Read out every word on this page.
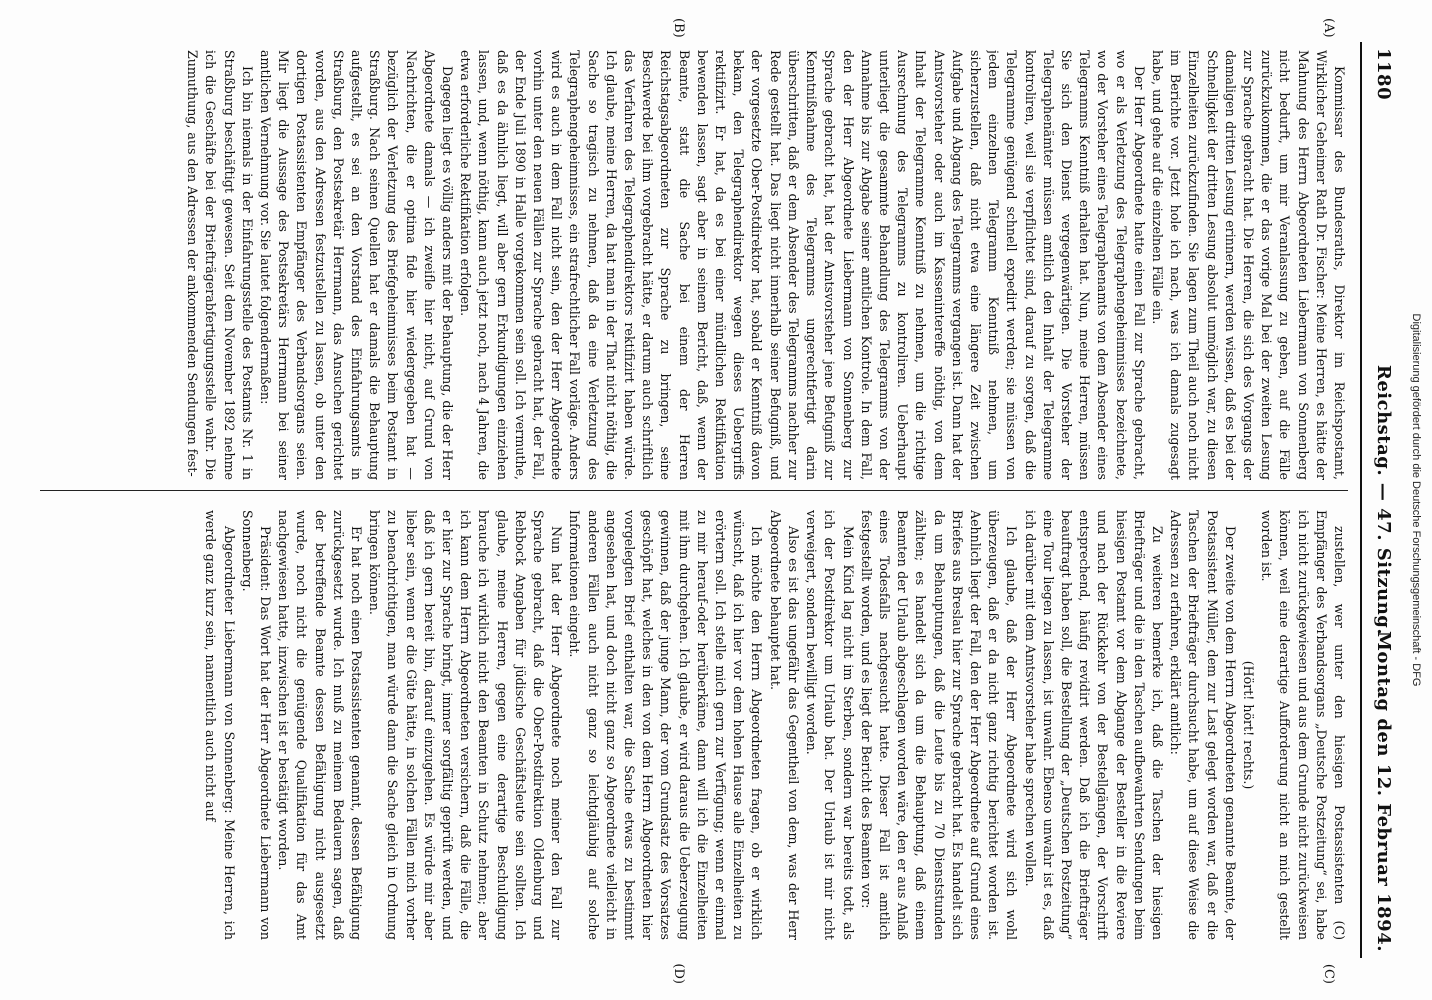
1180
Reichstag. — 47. Sitzung.
Montag den 12. Februar 1894.
(A)
(B)

Kommissar des Bundesraths, Direktor im Reichspostamt, Wirklicher Geheimer Rath Dr. Fischer: Meine Herren, es hätte der Mahnung des Herrn Abgeordneten Liebermann von Sonnenberg nicht bedurft, um mir Veranlassung zu geben, auf die Fälle zurückzukommen, die er das vorige Mal bei der zweiten Lesung zur Sprache gebracht hat. Die Herren, die sich des Vorgangs der damaligen dritten Lesung erinnern, werden wissen, daß es bei der Schnelligkeit der dritten Lesung absolut unmöglich war, zu diesen Einzelheiten zurückzufinden. Sie lagen zum Theil auch noch nicht im Berichte vor. Jetzt hole ich nach, was ich damals zugesagt habe, und gehe auf die einzelnen Fälle ein.

Der Herr Abgeordnete hatte einen Fall zur Sprache gebracht, wo er als Verletzung des Telegraphengeheimnisses bezeichnete, wo der Vorsteher eines Telegraphenamts von dem Absender eines Telegramms Kenntniß erhalten hat. Nun, meine Herren, müssen Sie sich den Dienst vergegenwärtigen. Die Vorsteher der Telegraphenämter müssen amtlich den Inhalt der Telegramme kontroliren, weil sie verpflichtet sind, darauf zu sorgen, daß die Telegramme genügend schnell expedirt werden; sie müssen von jedem einzelnen Telegramm Kenntniß nehmen, um sicherzustellen, daß nicht etwa eine längere Zeit zwischen Aufgabe und Abgang des Telegramms vergangen ist. Dann hat der Amtsvorsteher oder auch im Kassenintereffe nöthig, von dem Inhalt der Telegramme Kenntniß zu nehmen, um die richtige Ausrechnung des Telegramms zu kontroliren. Ueberhaupt unterliegt die gesammte Behandlung des Telegramms von der Annahme bis zur Abgabe seiner amtlichen Kontrole. In dem Fall, den der Herr Abgeordnete Liebermann von Sonnenberg zur Sprache gebracht hat, hat der Amtsvorsteher jene Befugniß zur Kenntnißnahme des Telegramms ungerechtfertigt darin überschritten, daß er dem Absender des Telegramms nachher zur Rede gestellt hat. Das liegt nicht innerhalb seiner Befugniß, und der vorgesetzte Ober-Postdirektor hat, sobald er Kenntniß davon bekam, den Telegraphendirektor wegen dieses Uebergriffs rektifizirt. Er hat, da es bei einer mündlichen Rektifikation bewenden lassen, sagt aber in seinem Bericht, daß, wenn der Beamte, statt die Sache bei einem der Herren Reichstagsabgeordneten zur Sprache zu bringen, seine Beschwerde bei ihm vorgebracht hätte, er darum auch schriftlich das Verfahren des Telegraphendirektors rektifizirt haben würde. Ich glaube, meine Herren, da hat man in der That nicht nöthig, die Sache so tragisch zu nehmen, daß da eine Verletzung des Telegraphengeheimnisses, ein strafrechtlicher Fall vorläge. Anders wird es auch in dem Fall nicht sein, den der Herr Abgeordnete vorhin unter den neuen Fällen zur Sprache gebracht hat, der Fall, der Ende Juli 1890 in Halle vorgekommen sein soll. Ich vermuthe, daß es da ähnlich liegt, will aber gern Erkundigungen einziehen lassen, und, wenn nöthig, kann auch jetzt noch, nach 4 Jahren, die etwa erforderliche Rektifikation erfolgen.

Dagegen liegt es völlig anders mit der Behauptung, die der Herr Abgeordnete damals — ich zweifle hier nicht, auf Grund von Nachrichten, die er optima fide hier wiedergegeben hat — bezüglich der Verletzung des Briefgeheimnisses beim Postamt in Straßburg. Nach seinen Quellen hat er damals die Behauptung aufgestellt, es sei an den Vorstand des Einfahrungsamts in Straßburg, den Postsekretär Herrmann, das Ansuchen gerichtet worden, aus den Adressen festzustellen zu lassen, ob unter den dortigen Postassistenten Empfänger des Verbandsorgans seien. Mir liegt die Aussage des Postsekretärs Herrmann bei seiner amtlichen Vernehmung vor. Sie lautet folgendermaßen:

Ich bin niemals in der Einfahrungsstelle des Postamts Nr. 1 in Straßburg beschäftigt gewesen. Seit dem November 1892 nehme ich die Geschäfte bei der Briefträgerabfertigungsstelle wahr. Die Zumuthung, aus den Adressen der ankommenden Sendungen fest-

(C)
(D)

zustellen, wer unter den hiesigen Postassistenten (C) Empfänger des Verbandsorgans „Deutsche Postzeitung“ sei, habe ich nicht zurückgewiesen und aus dem Grunde nicht zurückweisen können, weil eine derartige Aufforderung nicht an mich gestellt worden ist.

(Hört! hört! rechts.)

Der zweite von dem Herrn Abgeordneten genannte Beamte, der Postassistent Müller, dem zur Last gelegt worden war, daß er die Taschen der Briefträger durchsucht habe, um auf diese Weise die Adressen zu erfahren, erklärt amtlich:

Zu weiteren bemerke ich, daß die Taschen der hiesigen Briefträger und die in den Taschen aufbewahrten Sendungen beim hiesigen Postamt vor dem Abgange der Besteller in die Reviere und nach der Rückkehr von der Bestellgängen, der Vorschrift entsprechend, häufig revidirt werden. Daß ich die Briefträger beauftragt haben soll, die Bestellung der „Deutschen Postzeitung“ eine Tour liegen zu lassen, ist unwahr. Ebenso unwahr ist es, daß ich darüber mit dem Amtsvorsteher habe sprechen wollen.

Ich glaube, daß der Herr Abgeordnete wird sich wohl überzeugen, daß er da nicht ganz richtig berichtet worden ist. Aehnlich liegt der Fall, den der Herr Abgeordnete auf Grund eines Briefes aus Breslau hier zur Sprache gebracht hat. Es handelt sich da um Behauptungen, daß die Leute bis zu 70 Dienststunden zählten; es handelt sich da um die Behauptung, daß einem Beamten der Urlaub abgeschlagen worden wäre, den er aus Anlaß eines Todesfalls nachgesucht hatte. Dieser Fall ist amtlich festgestellt worden, und es liegt der Bericht des Beamten vor:

Mein Kind lag nicht im Sterben, sondern war bereits todt, als ich der Postdirektor um Urlaub bat. Der Urlaub ist mir nicht verweigert, sondern bewilligt worden.

Also es ist das ungefähr das Gegentheil von dem, was der Herr Abgeordnete behauptet hat.

Ich möchte den Herrn Abgeordneten fragen, ob er wirklich wünscht, daß ich hier vor dem hohen Hause alle Einzelheiten zu erörtern soll. Ich stelle mich gern zur Verfügung; wenn er einmal zu mir herauf-oder herüberkäme, dann will ich die Einzelheiten mit ihm durchgehen. Ich glaube, er wird daraus die Ueberzeugung gewinnen, daß der junge Mann, der vom Grundsatz des Vorsatzes geschöpft hat, welches in den von dem Herrn Abgeordneten hier vorgelegten Brief enthalten war, die Sache etwas zu bestimmt angesehen hat, und doch nicht ganz so Abgeordnete vielleicht in anderen Fällen auch nicht ganz so leichtgläubig auf solche Informationen eingeht.

Nun hat der Herr Abgeordnete noch meiner den Fall zur Sprache gebracht, daß die Ober-Postdirektion Oldenburg und Rehbock Angaben für jüdische Geschäftsleute sein sollten. Ich glaube, meine Herren, gegen eine derartige Beschuldigung brauche ich wirklich nicht den Beamten in Schutz nehmen; aber ich kann dem Herrn Abgeordneten versichern, daß die Fälle, die er hier zur Sprache bringt, immer sorgfältig geprüft werden, und daß ich gern bereit bin, darauf einzugehen. Es würde mir aber lieber sein, wenn er die Güte hätte, in solchen Fällen mich vorher zu benachrichtigen, man würde dann die Sache gleich in Ordnung bringen können.

Er hat noch einen Postassistenten genannt, dessen Befähigung zurückgesetzt wurde. Ich muß zu meinem Bedauern sagen, daß der betreffende Beamte dessen Befähigung nicht ausgesetzt wurde, noch nicht die genügende Qualifikation für das Amt nachgewiesen hatte, inzwischen ist er bestätigt worden.

Präsident: Das Wort hat der Herr Abgeordnete Liebermann von Sonnenberg.

Abgeordneter Liebermann von Sonnenberg: Meine Herren, ich werde ganz kurz sein, namentlich auch nicht auf	Digitalisierung gefördert durch die Deutsche Forschungsgemeinschaft - DFG
